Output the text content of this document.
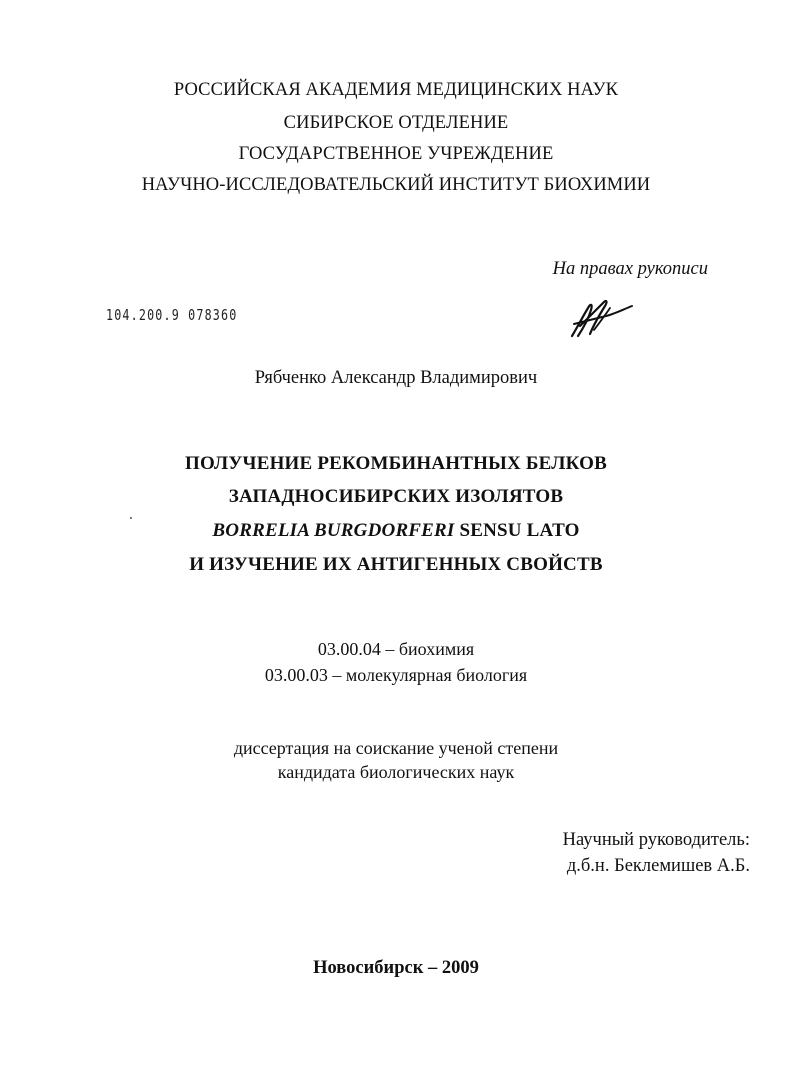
РОССИЙСКАЯ АКАДЕМИЯ МЕДИЦИНСКИХ НАУК
СИБИРСКОЕ ОТДЕЛЕНИЕ
ГОСУДАРСТВЕННОЕ УЧРЕЖДЕНИЕ
НАУЧНО-ИССЛЕДОВАТЕЛЬСКИЙ ИНСТИТУТ БИОХИМИИ
На правах рукописи
104.200.9 078360
Рябченко Александр Владимирович
ПОЛУЧЕНИЕ РЕКОМБИНАНТНЫХ БЕЛКОВ
ЗАПАДНОСИБИРСКИХ ИЗОЛЯТОВ
BORRELIA BURGDORFERI SENSU LATO
И ИЗУЧЕНИЕ ИХ АНТИГЕННЫХ СВОЙСТВ
03.00.04 – биохимия
03.00.03 – молекулярная биология
диссертация на соискание ученой степени
кандидата биологических наук
Научный руководитель:
д.б.н. Беклемишев А.Б.
Новосибирск – 2009
